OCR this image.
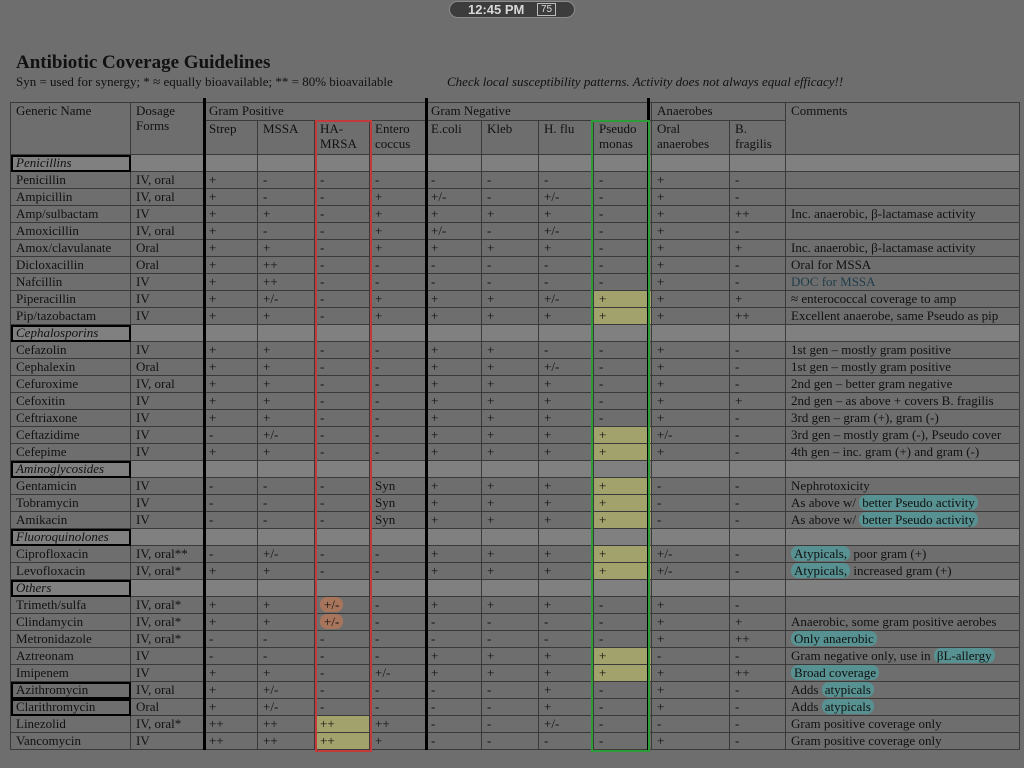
12:45 PM	75
Antibiotic Coverage Guidelines
Syn = used for synergy; * ≈ equally bioavailable; ** = 80% bioavailable	Check local susceptibility patterns. Activity does not always equal efficacy!!
Generic Name	Dosage Forms	Gram Positive				Gram Negative				Anaerobes		Comments
		Strep	MSSA	HA-MRSA	Entero coccus	E.coli	Kleb	H. flu	Pseudo monas	Oral anaerobes	B. fragilis	
Penicillins												
Penicillin	IV, oral	+	-	-	-	-	-	-	-	+	-	
Ampicillin	IV, oral	+	-	-	+	+/-	-	+/-	-	+	-	
Amp/sulbactam	IV	+	+	-	+	+	+	+	-	+	++	Inc. anaerobic, β-lactamase activity
Amoxicillin	IV, oral	+	-	-	+	+/-	-	+/-	-	+	-	
Amox/clavulanate	Oral	+	+	-	+	+	+	+	-	+	+	Inc. anaerobic, β-lactamase activity
Dicloxacillin	Oral	+	++	-	-	-	-	-	-	+	-	Oral for MSSA
Nafcillin	IV	+	++	-	-	-	-	-	-	+	-	DOC for MSSA
Piperacillin	IV	+	+/-	-	+	+	+	+/-	+	+	+	≈ enterococcal coverage to amp
Pip/tazobactam	IV	+	+	-	+	+	+	+	+	+	++	Excellent anaerobe, same Pseudo as pip
Cephalosporins												
Cefazolin	IV	+	+	-	-	+	+	-	-	+	-	1st gen – mostly gram positive
Cephalexin	Oral	+	+	-	-	+	+	+/-	-	+	-	1st gen – mostly gram positive
Cefuroxime	IV, oral	+	+	-	-	+	+	+	-	+	-	2nd gen – better gram negative
Cefoxitin	IV	+	+	-	-	+	+	+	-	+	+	2nd gen – as above + covers B. fragilis
Ceftriaxone	IV	+	+	-	-	+	+	+	-	+	-	3rd gen – gram (+), gram (-)
Ceftazidime	IV	-	+/-	-	-	+	+	+	+	+/-	-	3rd gen – mostly gram (-), Pseudo cover
Cefepime	IV	+	+	-	-	+	+	+	+	+	-	4th gen – inc. gram (+) and gram (-)
Aminoglycosides												
Gentamicin	IV	-	-	-	Syn	+	+	+	+	-	-	Nephrotoxicity
Tobramycin	IV	-	-	-	Syn	+	+	+	+	-	-	As above w/ better Pseudo activity
Amikacin	IV	-	-	-	Syn	+	+	+	+	-	-	As above w/ better Pseudo activity
Fluoroquinolones												
Ciprofloxacin	IV, oral**	-	+/-	-	-	+	+	+	+	+/-	-	Atypicals, poor gram (+)
Levofloxacin	IV, oral*	+	+	-	-	+	+	+	+	+/-	-	Atypicals, increased gram (+)
Others												
Trimeth/sulfa	IV, oral*	+	+	+/-	-	+	+	+	-	+	-	
Clindamycin	IV, oral*	+	+	+/-	-	-	-	-	-	+	+	Anaerobic, some gram positive aerobes
Metronidazole	IV, oral*	-	-	-	-	-	-	-	-	+	++	Only anaerobic
Aztreonam	IV	-	-	-	-	+	+	+	+	-	-	Gram negative only, use in βL-allergy
Imipenem	IV	+	+	-	+/-	+	+	+	+	+	++	Broad coverage
Azithromycin	IV, oral	+	+/-	-	-	-	-	+	-	+	-	Adds atypicals
Clarithromycin	Oral	+	+/-	-	-	-	-	+	-	+	-	Adds atypicals
Linezolid	IV, oral*	++	++	++	++	-	-	+/-	-	-	-	Gram positive coverage only
Vancomycin	IV	++	++	++	+	-	-	-	-	+	-	Gram positive coverage only
